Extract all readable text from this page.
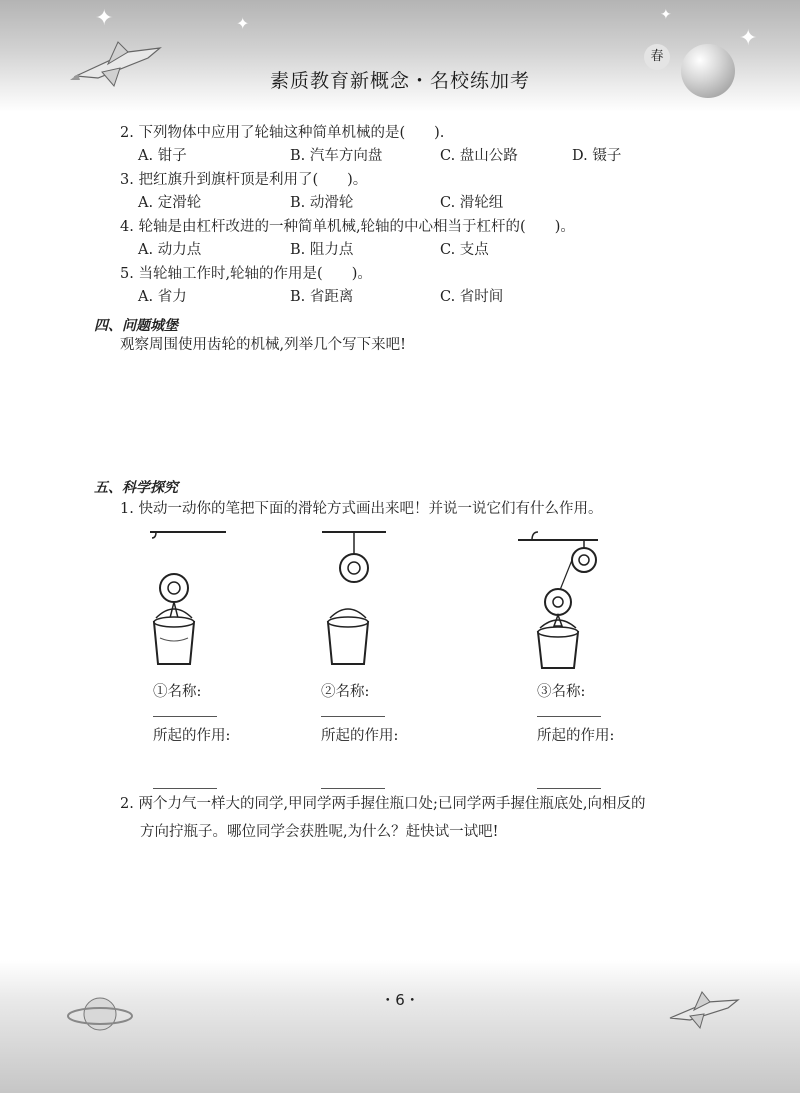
✦	✦
✦
✦
素质教育新概念・名校练加考
春
2. 下列物体中应用了轮轴这种简单机械的是(　　).
A. 钳子	B. 汽车方向盘	C. 盘山公路	D. 镊子
3. 把红旗升到旗杆顶是利用了(　　)。
A. 定滑轮	B. 动滑轮	C. 滑轮组
4. 轮轴是由杠杆改进的一种简单机械,轮轴的中心相当于杠杆的(　　)。
A. 动力点	B. 阻力点	C. 支点
5. 当轮轴工作时,轮轴的作用是(　　)。
A. 省力	B. 省距离	C. 省时间
四、问题城堡
观察周围使用齿轮的机械,列举几个写下来吧!
五、科学探究
1. 快动一动你的笔把下面的滑轮方式画出来吧！并说一说它们有什么作用。
①名称:
所起的作用:
②名称:
所起的作用:
③名称:
所起的作用:
2. 两个力气一样大的同学,甲同学两手握住瓶口处;已同学两手握住瓶底处,向相反的
方向拧瓶子。哪位同学会获胜呢,为什么？赶快试一试吧!
・6・
